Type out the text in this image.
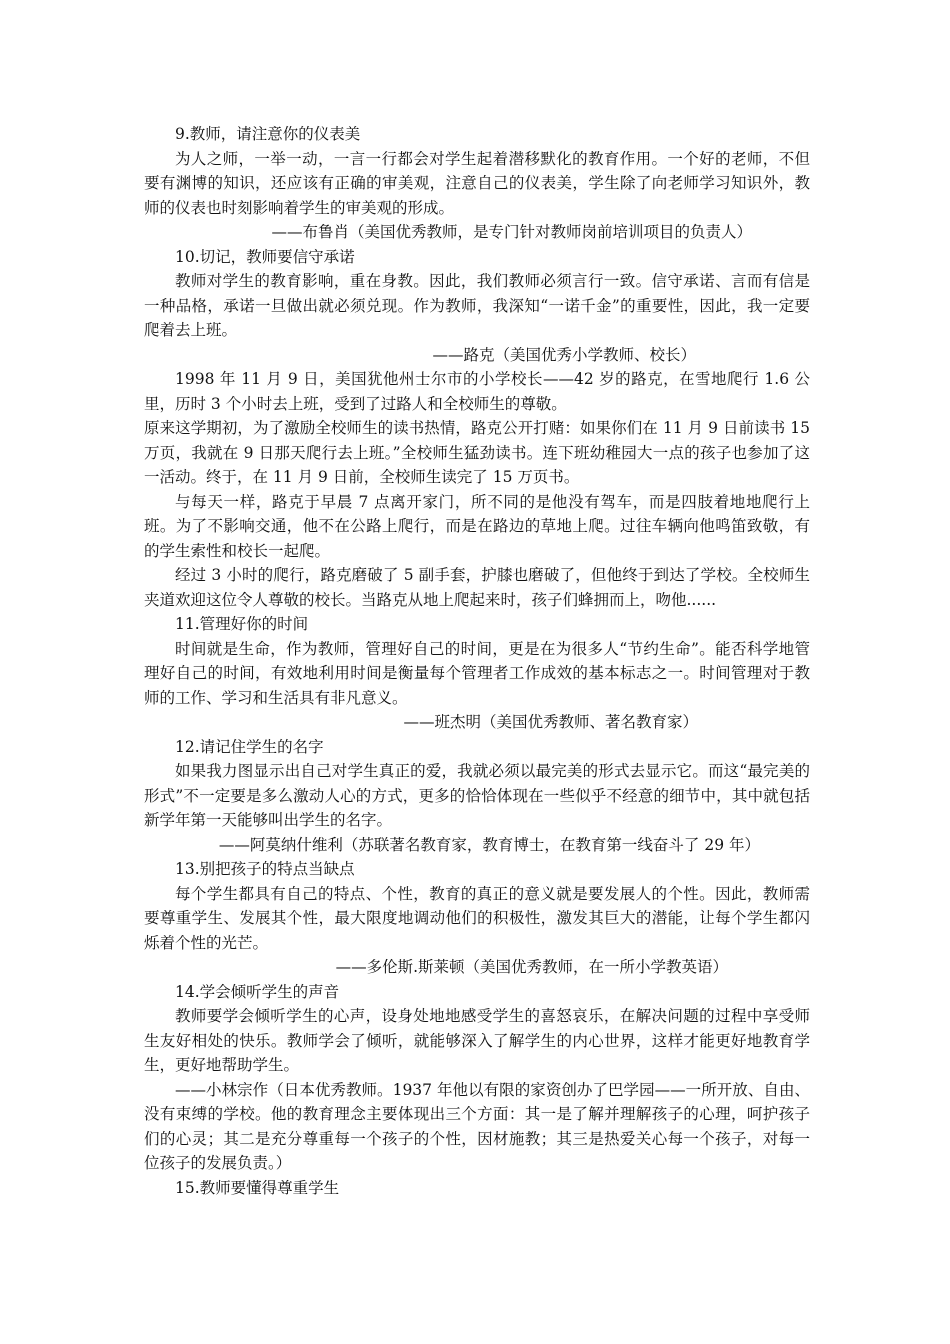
9.教师，请注意你的仪表美

为人之师，一举一动，一言一行都会对学生起着潜移默化的教育作用。一个好的老师，不但要有渊博的知识，还应该有正确的审美观，注意自己的仪表美，学生除了向老师学习知识外，教师的仪表也时刻影响着学生的审美观的形成。

——布鲁肖（美国优秀教师，是专门针对教师岗前培训项目的负责人）

10.切记，教师要信守承诺

教师对学生的教育影响，重在身教。因此，我们教师必须言行一致。信守承诺、言而有信是一种品格，承诺一旦做出就必须兑现。作为教师，我深知“一诺千金”的重要性，因此，我一定要爬着去上班。

——路克（美国优秀小学教师、校长）

1998 年 11 月 9 日，美国犹他州士尔市的小学校长——42 岁的路克，在雪地爬行 1.6 公里，历时 3 个小时去上班，受到了过路人和全校师生的尊敬。

原来这学期初，为了激励全校师生的读书热情，路克公开打赌：如果你们在 11 月 9 日前读书 15 万页，我就在 9 日那天爬行去上班。”全校师生猛劲读书。连下班幼稚园大一点的孩子也参加了这一活动。终于，在 11 月 9 日前，全校师生读完了 15 万页书。

与每天一样，路克于早晨 7 点离开家门，所不同的是他没有驾车，而是四肢着地地爬行上班。为了不影响交通，他不在公路上爬行，而是在路边的草地上爬。过往车辆向他鸣笛致敬，有的学生索性和校长一起爬。

经过 3 小时的爬行，路克磨破了 5 副手套，护膝也磨破了，但他终于到达了学校。全校师生夹道欢迎这位令人尊敬的校长。当路克从地上爬起来时，孩子们蜂拥而上，吻他......

11.管理好你的时间

时间就是生命，作为教师，管理好自己的时间，更是在为很多人“节约生命”。能否科学地管理好自己的时间，有效地利用时间是衡量每个管理者工作成效的基本标志之一。时间管理对于教师的工作、学习和生活具有非凡意义。

——班杰明（美国优秀教师、著名教育家）

12.请记住学生的名字

如果我力图显示出自己对学生真正的爱，我就必须以最完美的形式去显示它。而这“最完美的形式”不一定要是多么激动人心的方式，更多的恰恰体现在一些似乎不经意的细节中，其中就包括新学年第一天能够叫出学生的名字。

——阿莫纳什维利（苏联著名教育家，教育博士，在教育第一线奋斗了 29 年）

13.别把孩子的特点当缺点

每个学生都具有自己的特点、个性，教育的真正的意义就是要发展人的个性。因此，教师需要尊重学生、发展其个性，最大限度地调动他们的积极性，激发其巨大的潜能，让每个学生都闪烁着个性的光芒。

——多伦斯.斯莱顿（美国优秀教师，在一所小学教英语）

14.学会倾听学生的声音

教师要学会倾听学生的心声，设身处地地感受学生的喜怒哀乐，在解决问题的过程中享受师生友好相处的快乐。教师学会了倾听，就能够深入了解学生的内心世界，这样才能更好地教育学生，更好地帮助学生。

——小林宗作（日本优秀教师。1937 年他以有限的家资创办了巴学园——一所开放、自由、没有束缚的学校。他的教育理念主要体现出三个方面：其一是了解并理解孩子的心理，呵护孩子们的心灵；其二是充分尊重每一个孩子的个性，因材施教；其三是热爱关心每一个孩子，对每一位孩子的发展负责。）

15.教师要懂得尊重学生
